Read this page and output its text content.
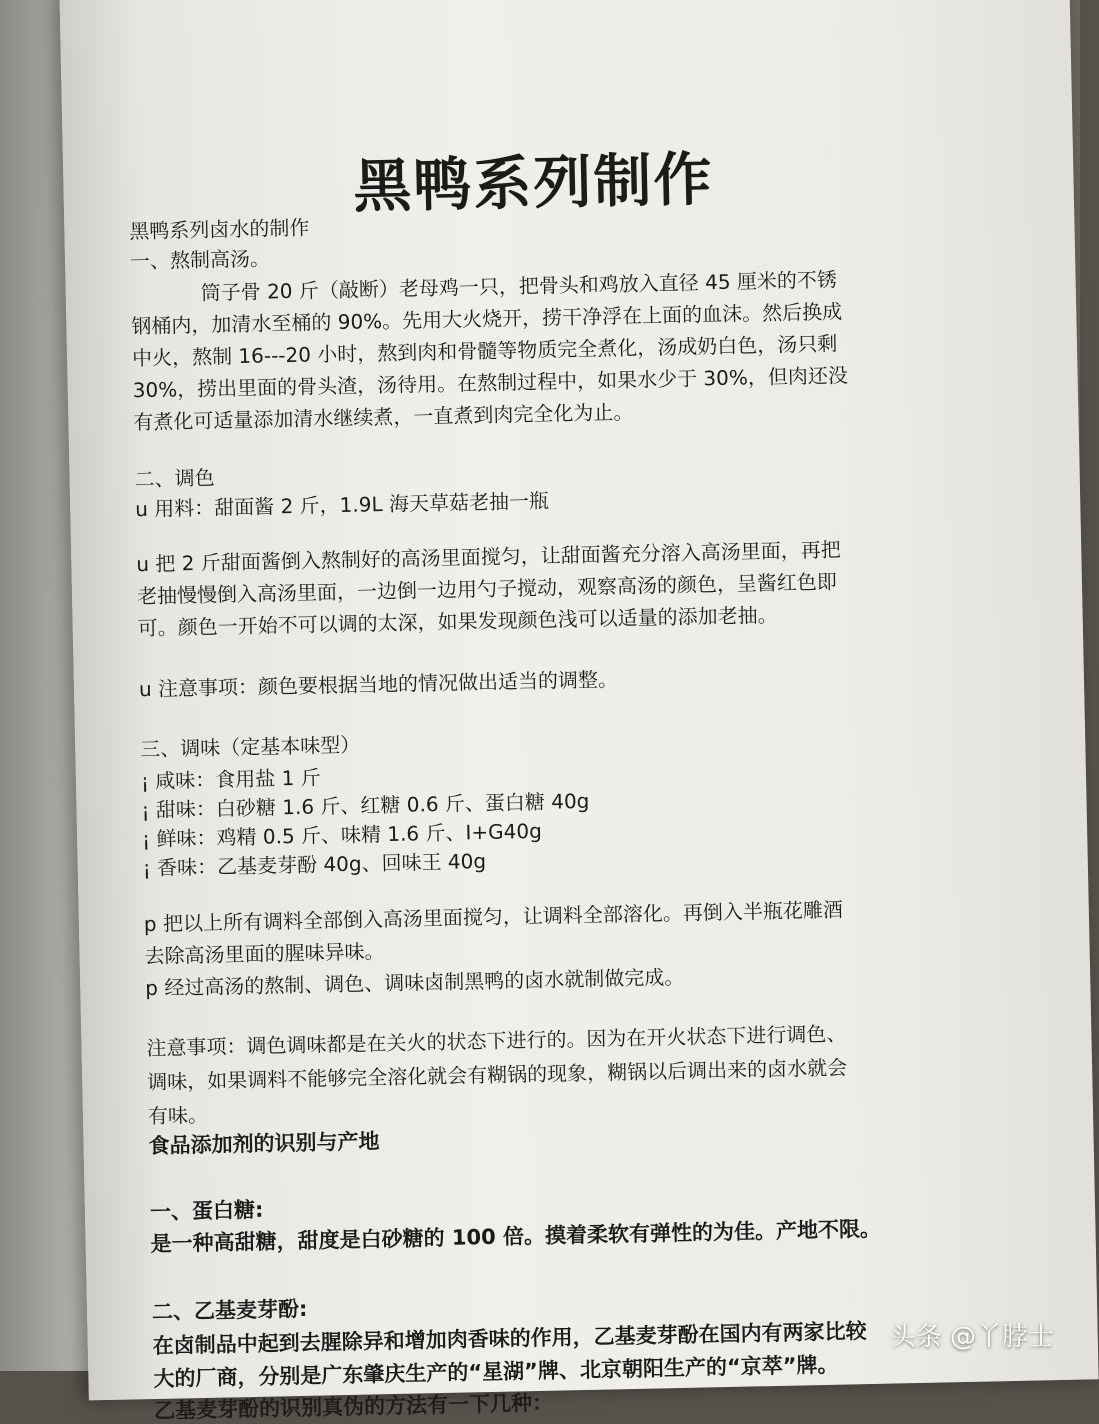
黑鸭系列制作
黑鸭系列卤水的制作
一、熬制高汤。
筒子骨 20 斤（敲断）老母鸡一只，把骨头和鸡放入直径 45 厘米的不锈
钢桶内，加清水至桶的 90%。先用大火烧开，捞干净浮在上面的血沫。然后换成
中火，熬制 16---20 小时，熬到肉和骨髓等物质完全煮化，汤成奶白色，汤只剩
30%，捞出里面的骨头渣，汤待用。在熬制过程中，如果水少于 30%，但肉还没
有煮化可适量添加清水继续煮，一直煮到肉完全化为止。
二、调色
u 用料：甜面酱 2 斤，1.9L 海天草菇老抽一瓶
u 把 2 斤甜面酱倒入熬制好的高汤里面搅匀，让甜面酱充分溶入高汤里面，再把
老抽慢慢倒入高汤里面，一边倒一边用勺子搅动，观察高汤的颜色，呈酱红色即
可。颜色一开始不可以调的太深，如果发现颜色浅可以适量的添加老抽。
u 注意事项：颜色要根据当地的情况做出适当的调整。
三、调味（定基本味型）
¡ 咸味：食用盐 1 斤
¡ 甜味：白砂糖 1.6 斤、红糖 0.6 斤、蛋白糖 40g
¡ 鲜味：鸡精 0.5 斤、味精 1.6 斤、I+G40g
¡ 香味：乙基麦芽酚 40g、回味王 40g
p 把以上所有调料全部倒入高汤里面搅匀，让调料全部溶化。再倒入半瓶花雕酒
去除高汤里面的腥味异味。
p 经过高汤的熬制、调色、调味卤制黑鸭的卤水就制做完成。
注意事项：调色调味都是在关火的状态下进行的。因为在开火状态下进行调色、
调味，如果调料不能够完全溶化就会有糊锅的现象，糊锅以后调出来的卤水就会
有味。
食品添加剂的识别与产地
一、蛋白糖:
是一种高甜糖，甜度是白砂糖的 100 倍。摸着柔软有弹性的为佳。产地不限。
二、乙基麦芽酚:
在卤制品中起到去腥除异和增加肉香味的作用，乙基麦芽酚在国内有两家比较
大的厂商，分别是广东肇庆生产的“星湖”牌、北京朝阳生产的“京萃”牌。
乙基麦芽酚的识别真伪的方法有一下几种：
头条 @丫脖士
